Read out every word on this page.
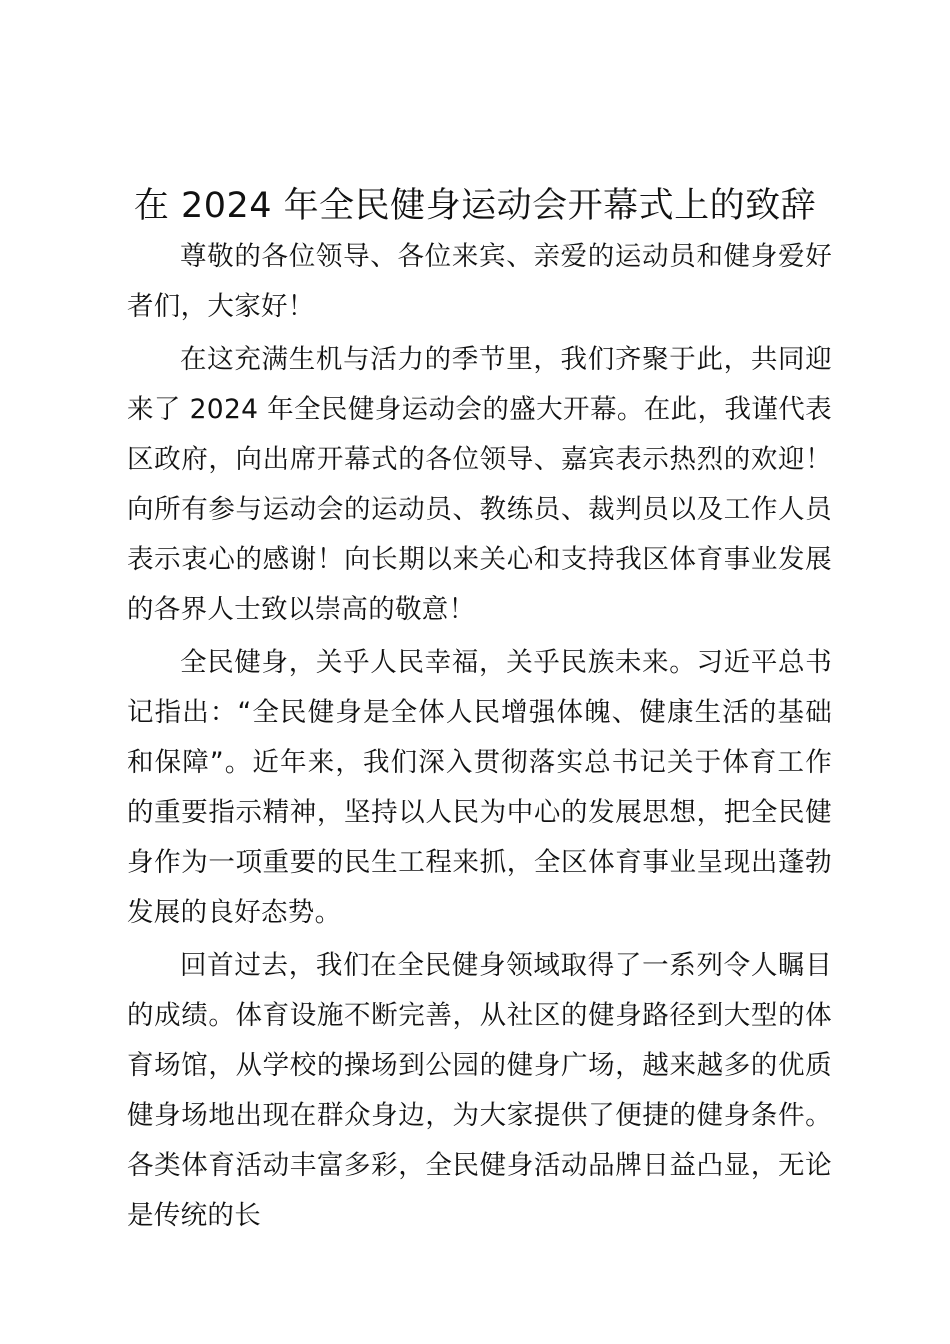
在 2024 年全民健身运动会开幕式上的致辞

尊敬的各位领导、各位来宾、亲爱的运动员和健身爱好者们，大家好！

在这充满生机与活力的季节里，我们齐聚于此，共同迎来了 2024 年全民健身运动会的盛大开幕。在此，我谨代表区政府，向出席开幕式的各位领导、嘉宾表示热烈的欢迎！向所有参与运动会的运动员、教练员、裁判员以及工作人员表示衷心的感谢！向长期以来关心和支持我区体育事业发展的各界人士致以崇高的敬意！

全民健身，关乎人民幸福，关乎民族未来。习近平总书记指出：“全民健身是全体人民增强体魄、健康生活的基础和保障”。近年来，我们深入贯彻落实总书记关于体育工作的重要指示精神，坚持以人民为中心的发展思想，把全民健身作为一项重要的民生工程来抓，全区体育事业呈现出蓬勃发展的良好态势。

回首过去，我们在全民健身领域取得了一系列令人瞩目的成绩。体育设施不断完善，从社区的健身路径到大型的体育场馆，从学校的操场到公园的健身广场，越来越多的优质健身场地出现在群众身边，为大家提供了便捷的健身条件。各类体育活动丰富多彩，全民健身活动品牌日益凸显，无论是传统的长
